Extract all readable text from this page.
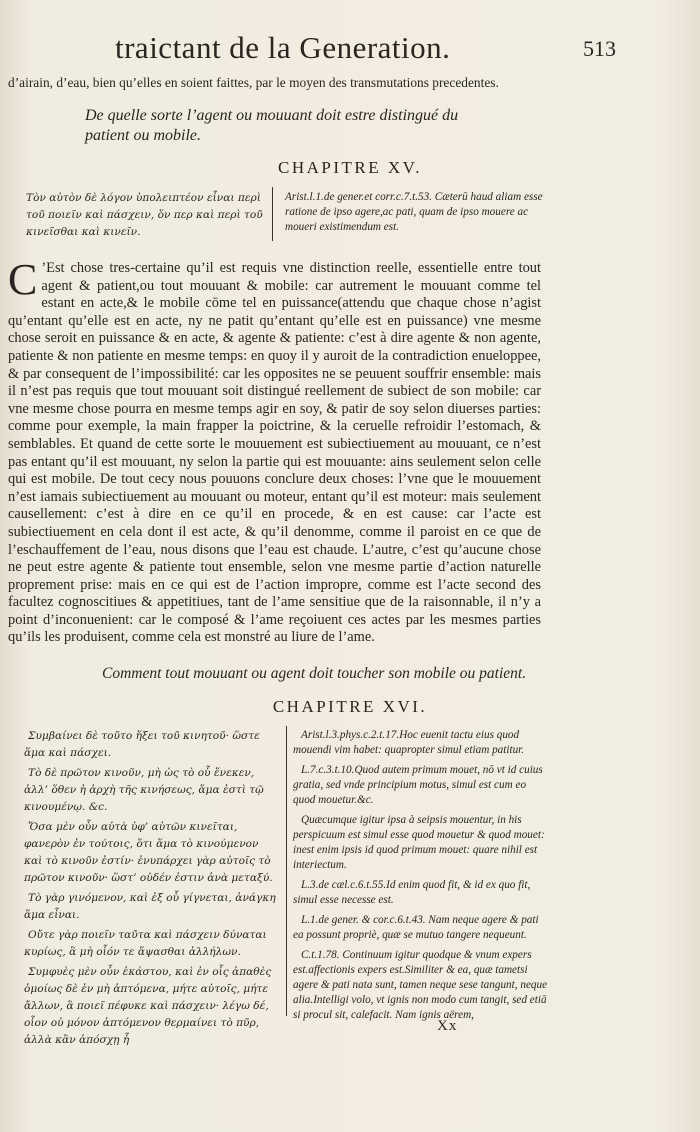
traictant de la Generation.	513
d’airain, d’eau, bien qu’elles en soient faittes, par le moyen des transmutations precedentes.
De quelle sorte l’agent ou mouuant doit estre distingué du patient ou mobile.
CHAPITRE XV.
Τὸν αὐτὸν δὲ λόγον ὑπολειπτέον εἶναι περὶ τοῦ ποιεῖν καὶ πάσχειν, ὅν περ καὶ περὶ τοῦ κινεῖσθαι καὶ κινεῖν.
Arist.l.1.de gener.et corr.c.7.t.53. Cæterū haud aliam esse ratione de ipso agere,ac pati, quam de ipso mouere ac moueri existimendum est.
C ’Est chose tres-certaine qu’il est requis vne distinction reelle, essentielle entre tout agent & patient,ou tout mouuant & mobile: car autrement le mouuant comme tel estant en acte,& le mobile cōme tel en puissance(attendu que chaque chose n’agist qu’entant qu’elle est en acte, ny ne patit qu’entant qu’elle est en puissance) vne mesme chose seroit en puissance & en acte, & agente & patiente: c’est à dire agente & non agente, patiente & non patiente en mesme temps: en quoy il y auroit de la contradiction enueloppee, & par consequent de l’impossibilité: car les opposites ne se peuuent souffrir ensemble: mais il n’est pas requis que tout mouuant soit distingué reellement de subiect de son mobile: car vne mesme chose pourra en mesme temps agir en soy, & patir de soy selon diuerses parties: comme pour exemple, la main frapper la poictrine, & la ceruelle refroidir l’estomach, & semblables. Et quand de cette sorte le mouuement est subiectiuement au mouuant, ce n’est pas entant qu’il est mouuant, ny selon la partie qui est mouuante: ains seulement selon celle qui est mobile. De tout cecy nous pouuons conclure deux choses: l’vne que le mouuement n’est iamais subiectiuement au mouuant ou moteur, entant qu’il est moteur: mais seulement causellement: c’est à dire en ce qu’il en procede, & en est cause: car l’acte est subiectiuement en cela dont il est acte, & qu’il denomme, comme il paroist en ce que de l’eschauffement de l’eau, nous disons que l’eau est chaude. L’autre, c’est qu’aucune chose ne peut estre agente & patiente tout ensemble, selon vne mesme partie d’action naturelle proprement prise: mais en ce qui est de l’action impropre, comme est l’acte second des facultez cognoscitiues & appetitiues, tant de l’ame sensitiue que de la raisonnable, il n’y a point d’inconuenient: car le composé & l’ame reçoiuent ces actes par les mesmes parties qu’ils les produisent, comme cela est monstré au liure de l’ame.
Comment tout mouuant ou agent doit toucher son mobile ou patient.
CHAPITRE XVI.

Συμβαίνει δὲ τοῦτο ἥξει τοῦ κινητοῦ· ὥστε ἅμα καὶ πάσχει.

Τὸ δὲ πρῶτον κινοῦν, μὴ ὡς τὸ οὗ ἕνεκεν, ἀλλ’ ὅθεν ἡ ἀρχὴ τῆς κινήσεως, ἅμα ἐστὶ τῷ κινουμένῳ. &c.

Ὅσα μὲν οὖν αὐτὰ ὑφ’ αὑτῶν κινεῖται, φανερὸν ἐν τούτοις, ὅτι ἅμα τὸ κινούμενον καὶ τὸ κινοῦν ἐστίν· ἐνυπάρχει γὰρ αὐτοῖς τὸ πρῶτον κινοῦν· ὥστ’ οὐδέν ἐστιν ἀνὰ μεταξύ.

Τὸ γὰρ γινόμενον, καὶ ἐξ οὗ γίγνεται, ἀνάγκη ἅμα εἶναι.

Οὔτε γὰρ ποιεῖν ταῦτα καὶ πάσχειν δύναται κυρίως, ἃ μὴ οἷόν τε ἅψασθαι ἀλλήλων.

Συμφυὲς μὲν οὖν ἐκάστου, καὶ ἐν οἷς ἀπαθὲς ὁμοίως δὲ ἐν μὴ ἁπτόμενα, μήτε αὐτοῖς, μήτε ἄλλων, ἃ ποιεῖ πέφυκε καὶ πάσχειν· λέγω δέ, οἷον οὐ μόνον ἁπτόμενον θερμαίνει τὸ πῦρ, ἀλλὰ κἂν ἀπόσχῃ ἧ

Arist.l.3.phys.c.2.t.17.Hoc euenit tactu eius quod mouendi vim habet: quapropter simul etiam patitur.

L.7.c.3.t.10.Quod autem primum mouet, nō vt id cuius gratia, sed vnde principium motus, simul est cum eo quod mouetur.&c.

Quæcumque igitur ipsa à seipsis mouentur, in his perspicuum est simul esse quod mouetur & quod mouet: inest enim ipsis id quod primum mouet: quare nihil est interiectum.

L.3.de cæl.c.6.t.55.Id enim quod fit, & id ex quo fit, simul esse necesse est.

L.1.de gener. & cor.c.6.t.43. Nam neque agere & pati ea possunt propriè, quæ se mutuo tangere nequeunt.

C.t.1.78. Continuum igitur quodque & vnum expers est.affectionis expers est.Similiter & ea, quæ tametsi agere & pati nata sunt, tamen neque sese tangunt, neque alia.Intelligi volo, vt ignis non modo cum tangit, sed etiā si procul sit, calefacit. Nam ignis aërem,

Xx
